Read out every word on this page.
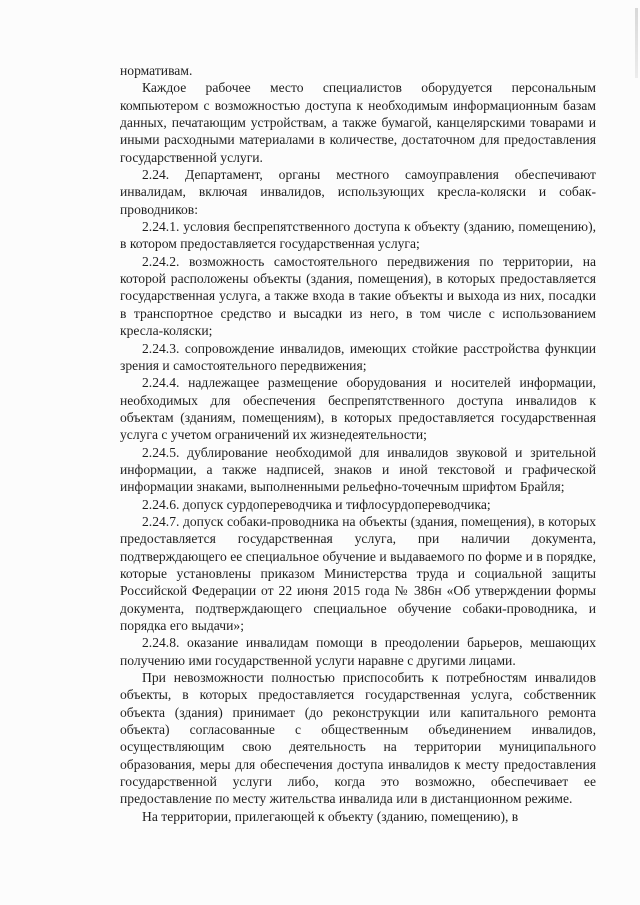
нормативам.

Каждое рабочее место специалистов оборудуется персональным компьютером с возможностью доступа к необходимым информационным базам данных, печатающим устройствам, а также бумагой, канцелярскими товарами и иными расходными материалами в количестве, достаточном для предоставления государственной услуги.

2.24. Департамент, органы местного самоуправления обеспечивают инвалидам, включая инвалидов, использующих кресла-коляски и собак-проводников:

2.24.1. условия беспрепятственного доступа к объекту (зданию, помещению), в котором предоставляется государственная услуга;

2.24.2. возможность самостоятельного передвижения по территории, на которой расположены объекты (здания, помещения), в которых предоставляется государственная услуга, а также входа в такие объекты и выхода из них, посадки в транспортное средство и высадки из него, в том числе с использованием кресла-коляски;

2.24.3. сопровождение инвалидов, имеющих стойкие расстройства функции зрения и самостоятельного передвижения;

2.24.4. надлежащее размещение оборудования и носителей информации, необходимых для обеспечения беспрепятственного доступа инвалидов к объектам (зданиям, помещениям), в которых предоставляется государственная услуга с учетом ограничений их жизнедеятельности;

2.24.5. дублирование необходимой для инвалидов звуковой и зрительной информации, а также надписей, знаков и иной текстовой и графической информации знаками, выполненными рельефно-точечным шрифтом Брайля;

2.24.6. допуск сурдопереводчика и тифлосурдопереводчика;

2.24.7. допуск собаки-проводника на объекты (здания, помещения), в которых предоставляется государственная услуга, при наличии документа, подтверждающего ее специальное обучение и выдаваемого по форме и в порядке, которые установлены приказом Министерства труда и социальной защиты Российской Федерации от 22 июня 2015 года № 386н «Об утверждении формы документа, подтверждающего специальное обучение собаки-проводника, и порядка его выдачи»;

2.24.8. оказание инвалидам помощи в преодолении барьеров, мешающих получению ими государственной услуги наравне с другими лицами.

При невозможности полностью приспособить к потребностям инвалидов объекты, в которых предоставляется государственная услуга, собственник объекта (здания) принимает (до реконструкции или капитального ремонта объекта) согласованные с общественным объединением инвалидов, осуществляющим свою деятельность на территории муниципального образования, меры для обеспечения доступа инвалидов к месту предоставления государственной услуги либо, когда это возможно, обеспечивает ее предоставление по месту жительства инвалида или в дистанционном режиме.

На территории, прилегающей к объекту (зданию, помещению), в
